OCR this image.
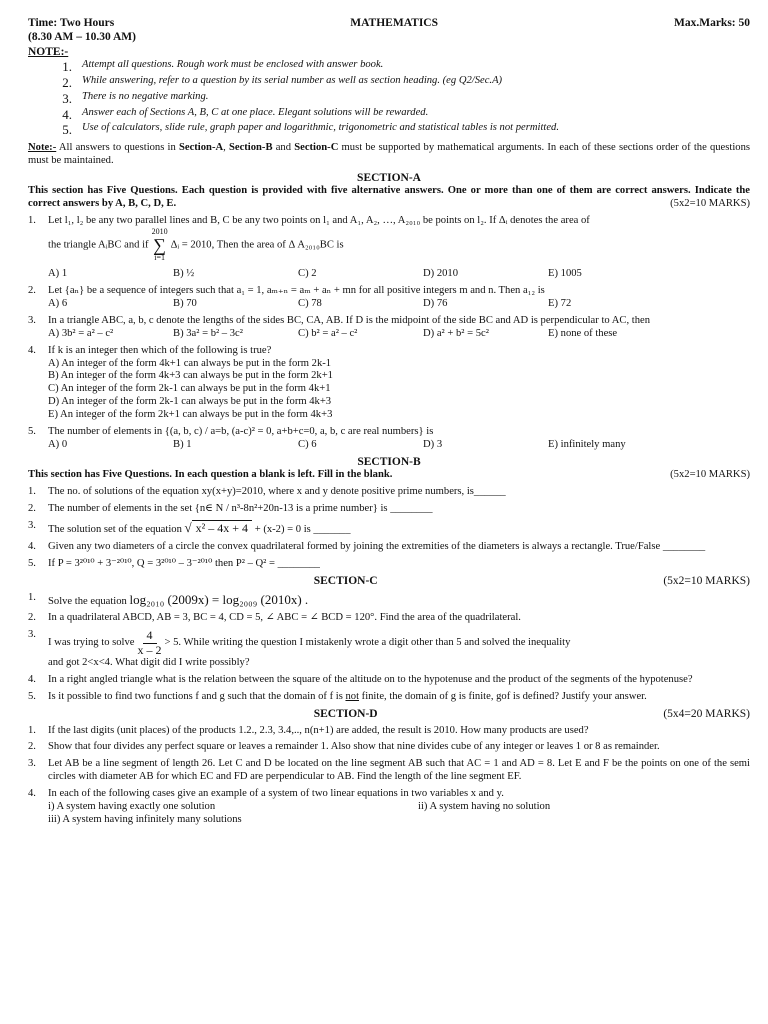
Time: Two Hours	MATHEMATICS	Max.Marks: 50
(8.30 AM – 10.30 AM)
NOTE:-
1. Attempt all questions. Rough work must be enclosed with answer book.
2. While answering, refer to a question by its serial number as well as section heading. (eg Q2/Sec.A)
3. There is no negative marking.
4. Answer each of Sections A, B, C at one place. Elegant solutions will be rewarded.
5. Use of calculators, slide rule, graph paper and logarithmic, trigonometric and statistical tables is not permitted.
Note:- All answers to questions in Section-A, Section-B and Section-C must be supported by mathematical arguments. In each of these sections order of the questions must be maintained.
SECTION-A
This section has Five Questions. Each question is provided with five alternative answers. One or more than one of them are correct answers. Indicate the correct answers by A, B, C, D, E.	(5x2=10 MARKS)
1.	Let l₁, l₂ be any two parallel lines and B, C be any two points on l₁ and A₁, A₂, …, A₂₀₁₀ be points on l₂. If Δᵢ denotes the area of
the triangle AᵢBC and if
2010
∑
i=1
Δᵢ = 2010, Then the area of Δ A₂₀₁₀BC is
A) 1	B) ½	C) 2	D) 2010	E) 1005
2.	Let {aₙ} be a sequence of integers such that a₁ = 1, aₘ₊ₙ = aₘ + aₙ + mn for all positive integers m and n. Then a₁₂ is
A) 6	B) 70	C) 78	D) 76	E) 72
3.	In a triangle ABC, a, b, c denote the lengths of the sides BC, CA, AB. If D is the midpoint of the side BC and AD is perpendicular to AC, then
A) 3b² = a² – c²	B) 3a² = b² – 3c²	C) b² = a² – c²	D) a² + b² = 5c²	E) none of these
4.	If k is an integer then which of the following is true?
A) An integer of the form 4k+1 can always be put in the form 2k-1
B) An integer of the form 4k+3 can always be put in the form 2k+1
C) An integer of the form 2k-1 can always be put in the form 4k+1
D) An integer of the form 2k-1 can always be put in the form 4k+3
E) An integer of the form 2k+1 can always be put in the form 4k+3
5.	The number of elements in {(a, b, c) / a=b, (a-c)² = 0, a+b+c=0, a, b, c are real numbers} is
A) 0	B) 1	C) 6	D) 3	E) infinitely many
SECTION-B
This section has Five Questions. In each question a blank is left. Fill in the blank.	(5x2=10 MARKS)
1.	The no. of solutions of the equation xy(x+y)=2010, where x and y denote positive prime numbers, is______
2.	The number of elements in the set {n∈ N / n³-8n²+20n-13 is a prime number} is ________
3.	The solution set of the equation √ x² – 4x + 4 + (x-2) = 0 is _______
4.	Given any two diameters of a circle the convex quadrilateral formed by joining the extremities of the diameters is always a rectangle. True/False ________
5.	If P = 3²⁰¹⁰ + 3⁻²⁰¹⁰, Q = 3²⁰¹⁰ – 3⁻²⁰¹⁰ then P² – Q² = ________
SECTION-C	(5x2=10 MARKS)
1.	Solve the equation log₂₀₁₀ (2009x) = log₂₀₀₉ (2010x) .
2.	In a quadrilateral ABCD, AB = 3, BC = 4, CD = 5, ∠ ABC = ∠ BCD = 120°. Find the area of the quadrilateral.
3.
I was trying to solve $\frac{4}{x - 2} > 5$. While writing the question I mistakenly wrote a digit other than 5 and solved the inequality
and got 2<x<4. What digit did I write possibly?
4.	In a right angled triangle what is the relation between the square of the altitude on to the hypotenuse and the product of the segments of the hypotenuse?
5.	Is it possible to find two functions f and g such that the domain of f is not finite, the domain of g is finite, gof is defined? Justify your answer.
SECTION-D	(5x4=20 MARKS)
1.	If the last digits (unit places) of the products 1.2., 2.3, 3.4,.., n(n+1) are added, the result is 2010. How many products are used?
2.	Show that four divides any perfect square or leaves a remainder 1. Also show that nine divides cube of any integer or leaves 1 or 8 as remainder.
3.	Let AB be a line segment of length 26. Let C and D be located on the line segment AB such that AC = 1 and AD = 8. Let E and F be the points on one of the semi circles with diameter AB for which EC and FD are perpendicular to AB. Find the length of the line segment EF.
4.	In each of the following cases give an example of a system of two linear equations in two variables x and y.
i) A system having exactly one solution	ii) A system having no solution
iii) A system having infinitely many solutions
